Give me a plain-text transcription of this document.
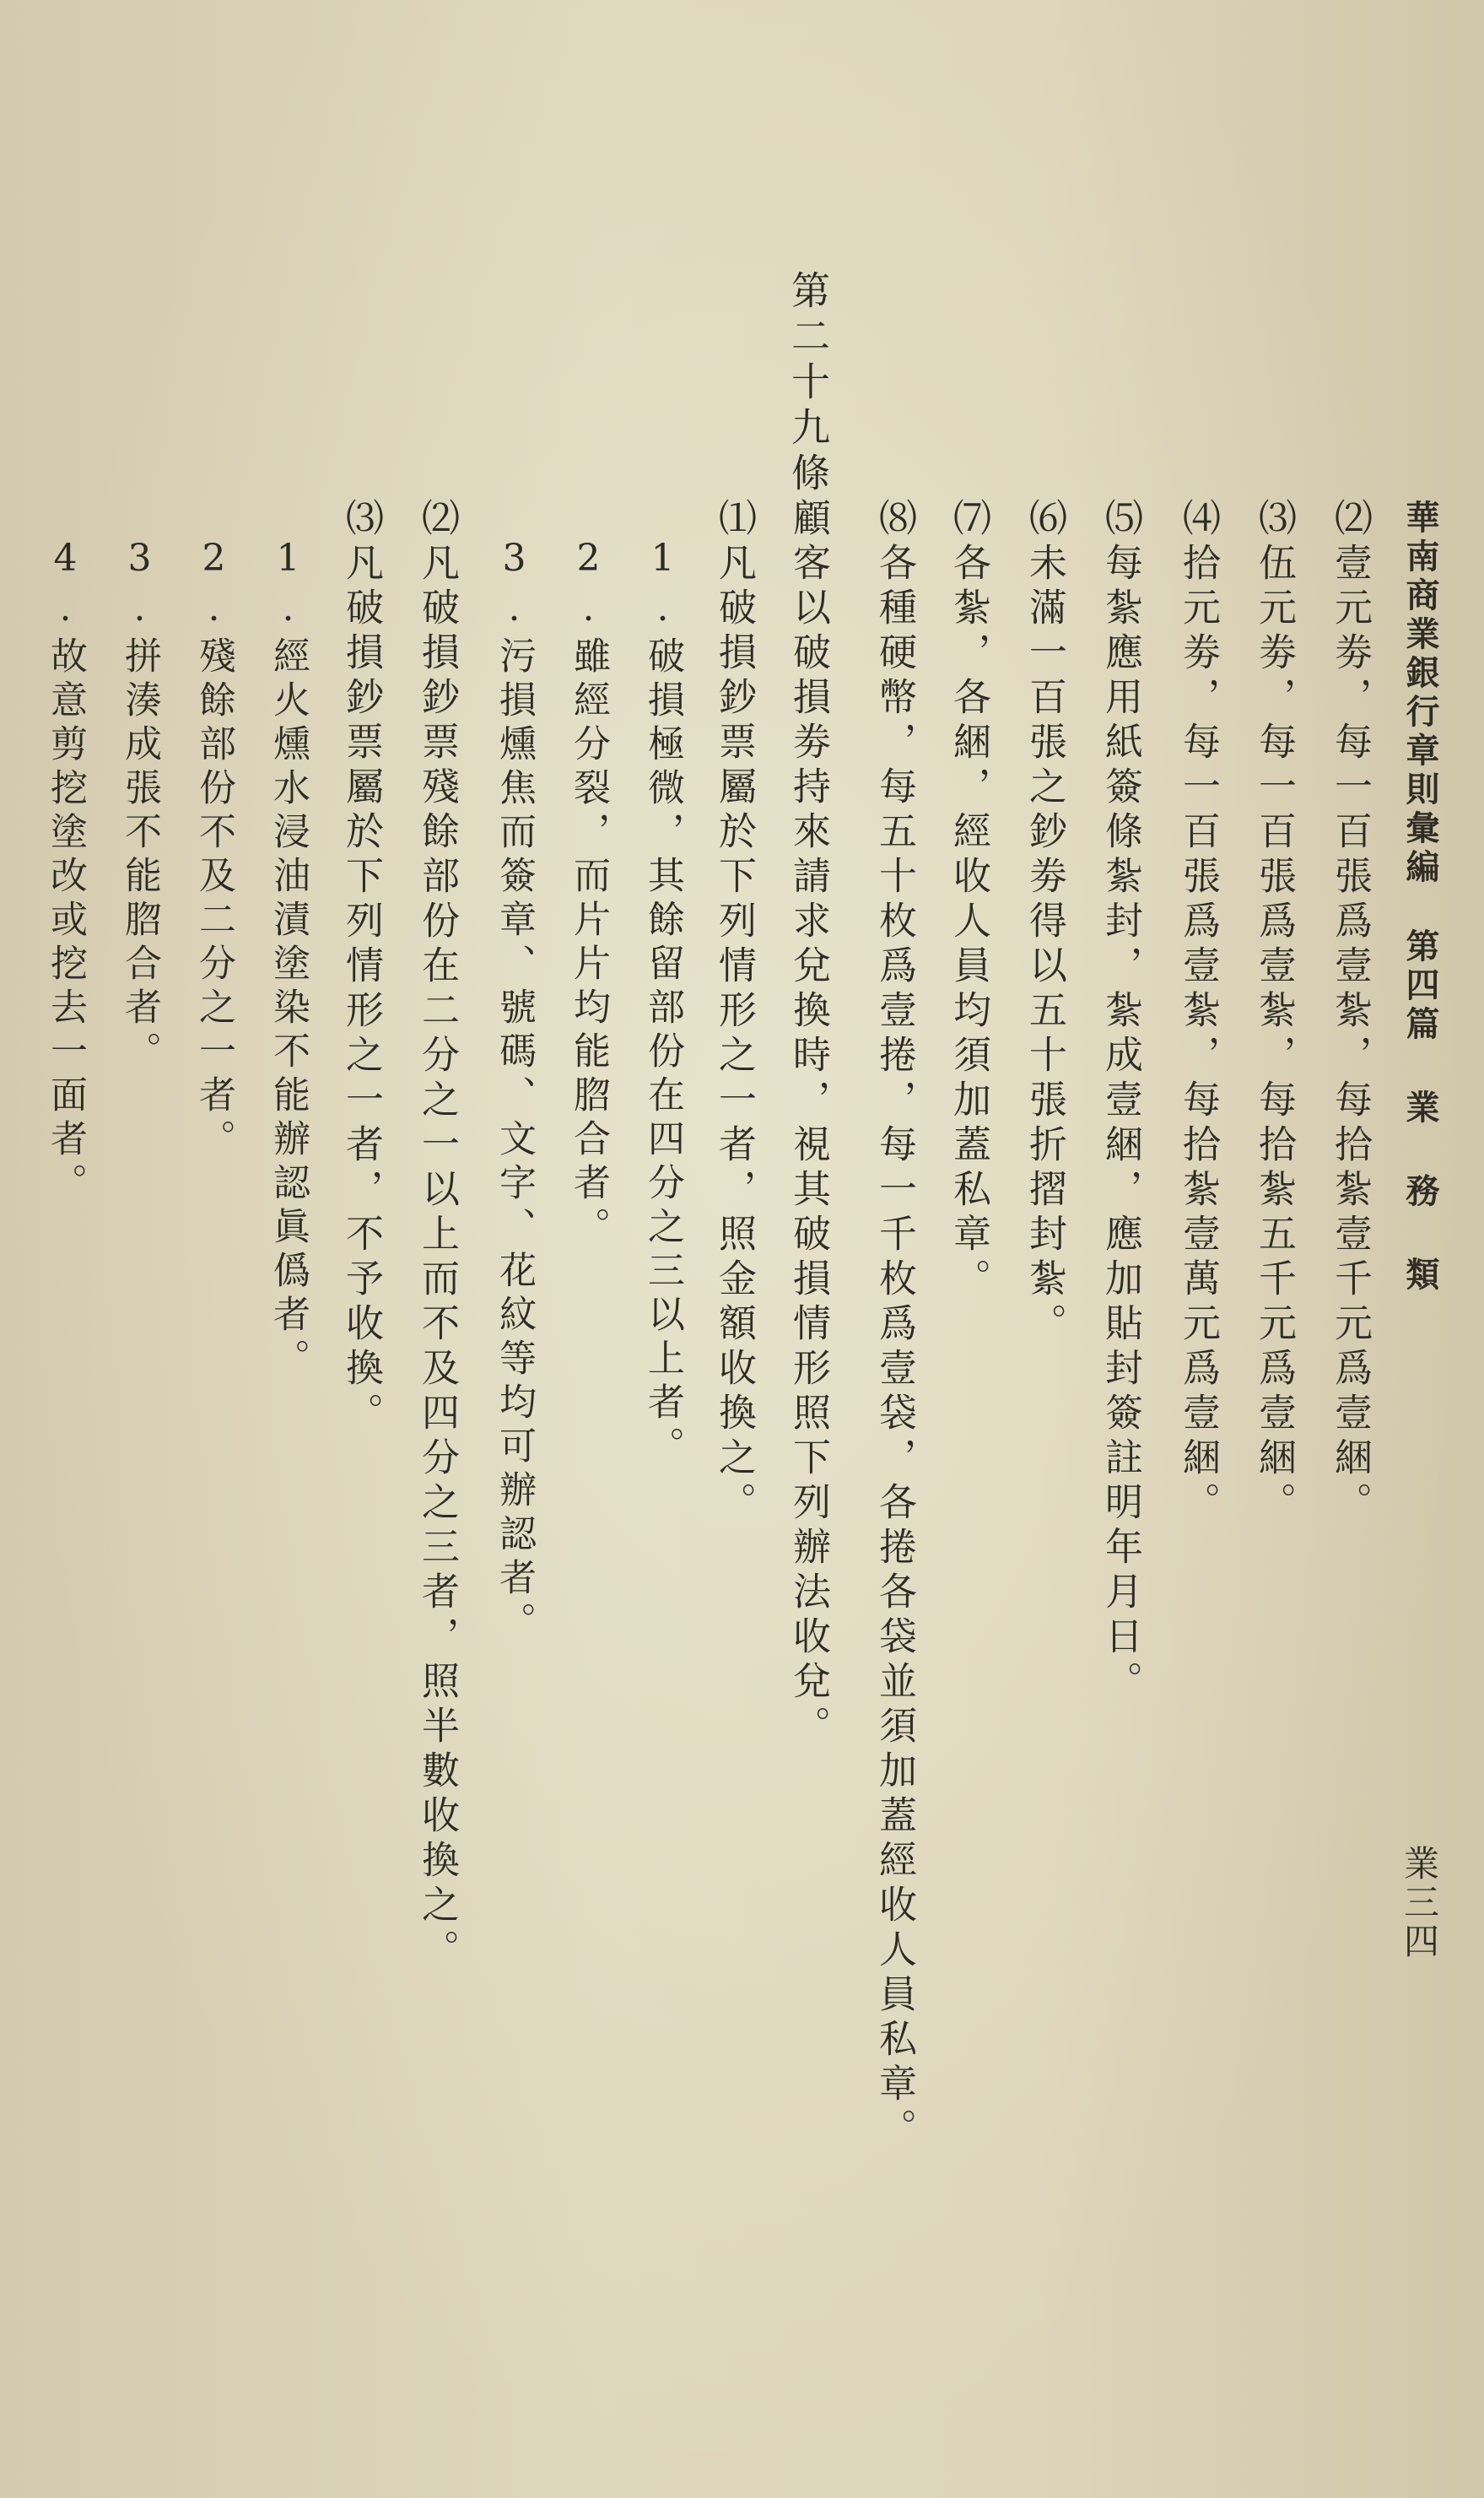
華南商業銀行章則彙編第四篇 業 務 類
業三四
⑵壹元劵，每一百張爲壹紮，每拾紮壹千元爲壹綑。
⑶伍元劵，每一百張爲壹紮，每拾紮五千元爲壹綑。
⑷拾元劵，每一百張爲壹紮，每拾紮壹萬元爲壹綑。
⑸每紮應用紙簽條紮封，紮成壹綑，應加貼封簽註明年月日。
⑹未滿一百張之鈔劵得以五十張折摺封紮。
⑺各紮，各綑，經收人員均須加蓋私章。
⑻各種硬幣，每五十枚爲壹捲，每一千枚爲壹袋，各捲各袋並須加蓋經收人員私章。
第二十九條
顧客以破損劵持來請求兌換時，視其破損情形照下列辦法收兌。
⑴凡破損鈔票屬於下列情形之一者，照金額收換之。
1.破損極微，其餘留部份在四分之三以上者。
2.雖經分裂，而片片均能脗合者。
3.污損燻焦而簽章、號碼、文字、花紋等均可辦認者。
⑵凡破損鈔票殘餘部份在二分之一以上而不及四分之三者，照半數收換之。
⑶凡破損鈔票屬於下列情形之一者，不予收換。
1.經火燻水浸油漬塗染不能辦認眞僞者。
2.殘餘部份不及二分之一者。
3.拼湊成張不能脗合者。
4.故意剪挖塗改或挖去一面者。
